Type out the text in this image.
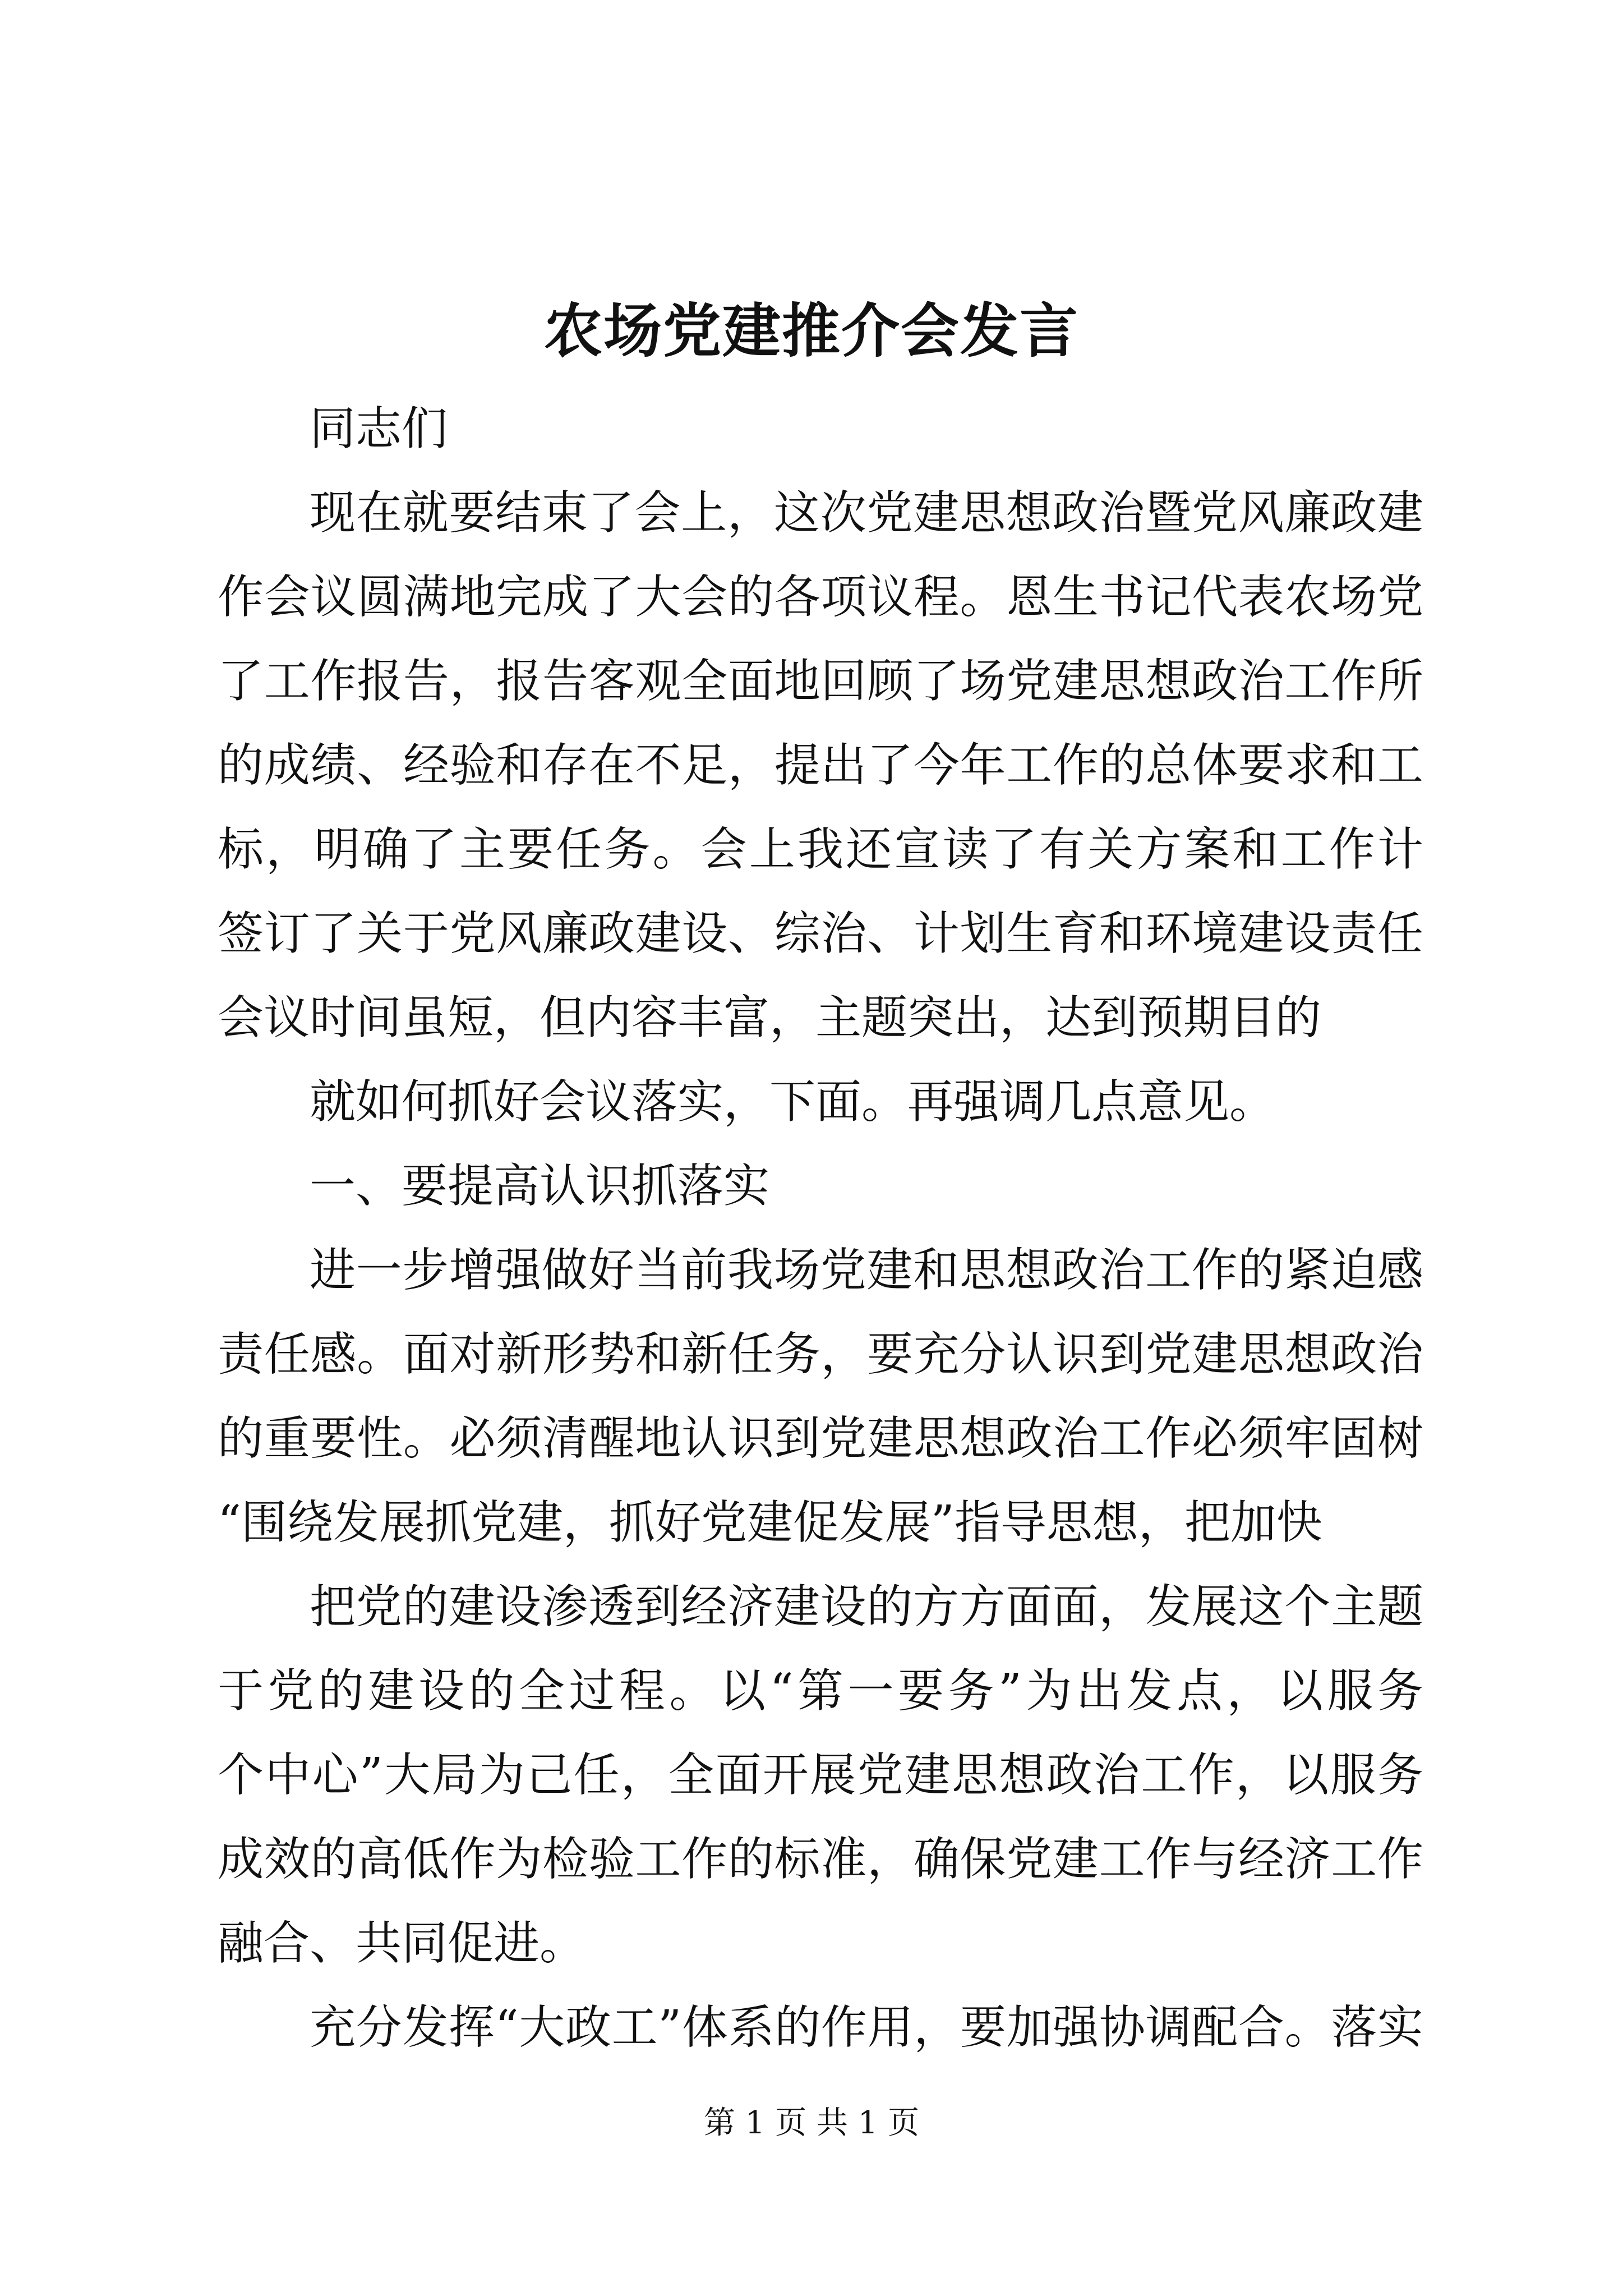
农场党建推介会发言
同志们
现在就要结束了会上，这次党建思想政治暨党风廉政建
作会议圆满地完成了大会的各项议程。恩生书记代表农场党
了工作报告，报告客观全面地回顾了场党建思想政治工作所
的成绩、经验和存在不足，提出了今年工作的总体要求和工
标，明确了主要任务。会上我还宣读了有关方案和工作计
签订了关于党风廉政建设、综治、计划生育和环境建设责任
会议时间虽短，但内容丰富，主题突出，达到预期目的
就如何抓好会议落实，下面。再强调几点意见。
一、要提高认识抓落实
进一步增强做好当前我场党建和思想政治工作的紧迫感
责任感。面对新形势和新任务，要充分认识到党建思想政治
的重要性。必须清醒地认识到党建思想政治工作必须牢固树
“围绕发展抓党建，抓好党建促发展”指导思想，把加快
把党的建设渗透到经济建设的方方面面，发展这个主题
于党的建设的全过程。以“第一要务”为出发点，以服务
个中心”大局为己任，全面开展党建思想政治工作，以服务
成效的高低作为检验工作的标准，确保党建工作与经济工作
融合、共同促进。
充分发挥“大政工”体系的作用，要加强协调配合。落实
第 1 页 共 1 页
